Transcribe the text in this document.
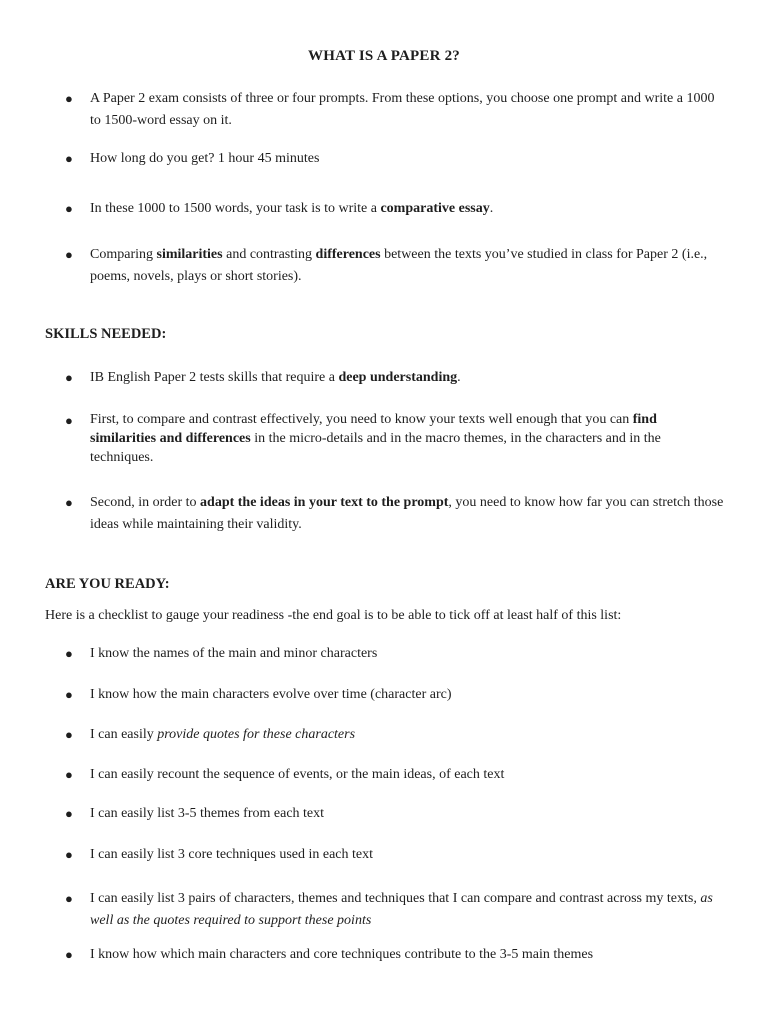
WHAT IS A PAPER 2?
●	A Paper 2 exam consists of three or four prompts. From these options, you choose one prompt and write a 1000 to 1500-word essay on it.
●	How long do you get? 1 hour 45 minutes
●	In these 1000 to 1500 words, your task is to write a comparative essay.
●	Comparing similarities and contrasting differences between the texts you’ve studied in class for Paper 2 (i.e., poems, novels, plays or short stories).
SKILLS NEEDED:
●	IB English Paper 2 tests skills that require a deep understanding.
●	First, to compare and contrast effectively, you need to know your texts well enough that you can find similarities and differences in the micro-details and in the macro themes, in the characters and in the techniques.
●	Second, in order to adapt the ideas in your text to the prompt, you need to know how far you can stretch those ideas while maintaining their validity.
ARE YOU READY:

Here is a checklist to gauge your readiness -the end goal is to be able to tick off at least half of this list:

●	I know the names of the main and minor characters
●	I know how the main characters evolve over time (character arc)
●	I can easily provide quotes for these characters
●	I can easily recount the sequence of events, or the main ideas, of each text
●	I can easily list 3-5 themes from each text
●	I can easily list 3 core techniques used in each text
●	I can easily list 3 pairs of characters, themes and techniques that I can compare and contrast across my texts, as well as the quotes required to support these points
●	I know how which main characters and core techniques contribute to the 3-5 main themes
